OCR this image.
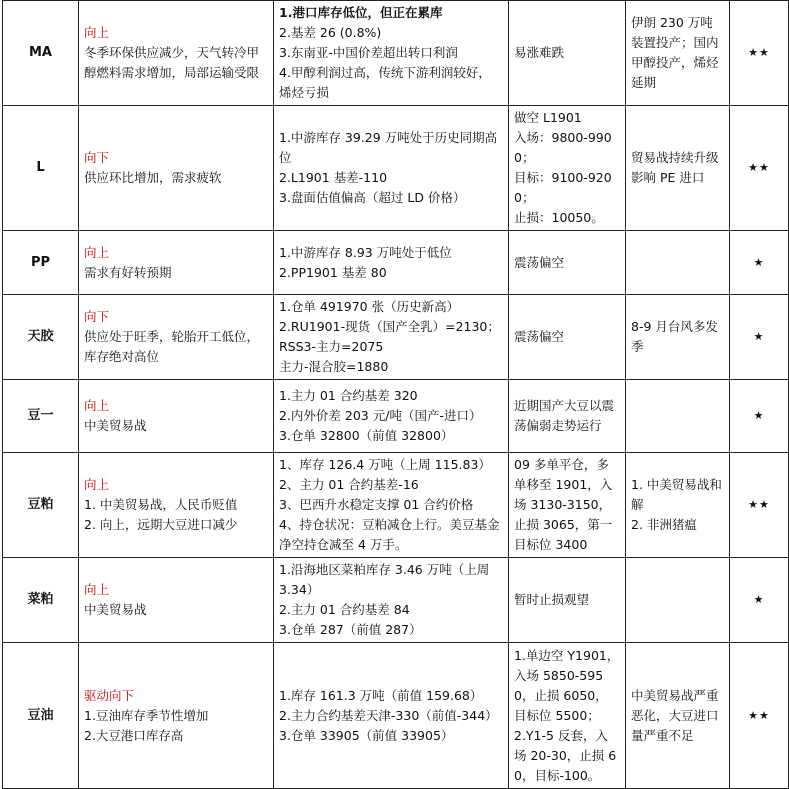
MA	向上
冬季环保供应减少，天气转冷甲醇燃料需求增加，局部运输受限	1.港口库存低位，但正在累库
2.基差 26 (0.8%)
3.东南亚-中国价差超出转口利润
4.甲醇利润过高，传统下游利润较好，烯烃亏损	易涨难跌	伊朗 230 万吨装置投产；国内甲醇投产，烯烃延期	★★
L	向下
供应环比增加，需求疲软	1.中游库存 39.29 万吨处于历史同期高位
2.L1901 基差-110
3.盘面估值偏高（超过 LD 价格）	做空 L1901
入场：9800-9900；
目标：9100-9200；
止损：10050。	贸易战持续升级影响 PE 进口	★★
PP	向上
需求有好转预期	1.中游库存 8.93 万吨处于低位
2.PP1901 基差 80	震荡偏空		★
天胶	向下
供应处于旺季，轮胎开工低位，库存绝对高位	1.仓单 491970 张（历史新高）
2.RU1901-现货（国产全乳）=2130；
RSS3-主力=2075
主力-混合胶=1880	震荡偏空	8-9 月台风多发季	★
豆一	向上
中美贸易战	1.主力 01 合约基差 320
2.内外价差 203 元/吨（国产-进口）
3.仓单 32800（前值 32800）	近期国产大豆以震荡偏弱走势运行		★
豆粕	向上
1. 中美贸易战，人民币贬值
2. 向上，远期大豆进口减少	1、库存 126.4 万吨（上周 115.83）
2、主力 01 合约基差-16
3、巴西升水稳定支撑 01 合约价格
4、持仓状况：豆粕减仓上行。美豆基金净空持仓减至 4 万手。	09 多单平仓，多单移至 1901，入场 3130-3150，止损 3065，第一目标位 3400	1. 中美贸易战和解
2. 非洲猪瘟	★★
菜粕	向上
中美贸易战	1.沿海地区菜粕库存 3.46 万吨（上周 3.34）
2.主力 01 合约基差 84
3.仓单 287（前值 287）	暂时止损观望		★
豆油	驱动向下
1.豆油库存季节性增加
2.大豆港口库存高	1.库存 161.3 万吨（前值 159.68）
2.主力合约基差天津-330（前值-344）
3.仓单 33905（前值 33905）	1.单边空 Y1901，入场 5850-5950，止损 6050，目标位 5500；
2.Y1-5 反套，入场 20-30，止损 60，目标-100。	中美贸易战严重恶化，大豆进口量严重不足	★★
